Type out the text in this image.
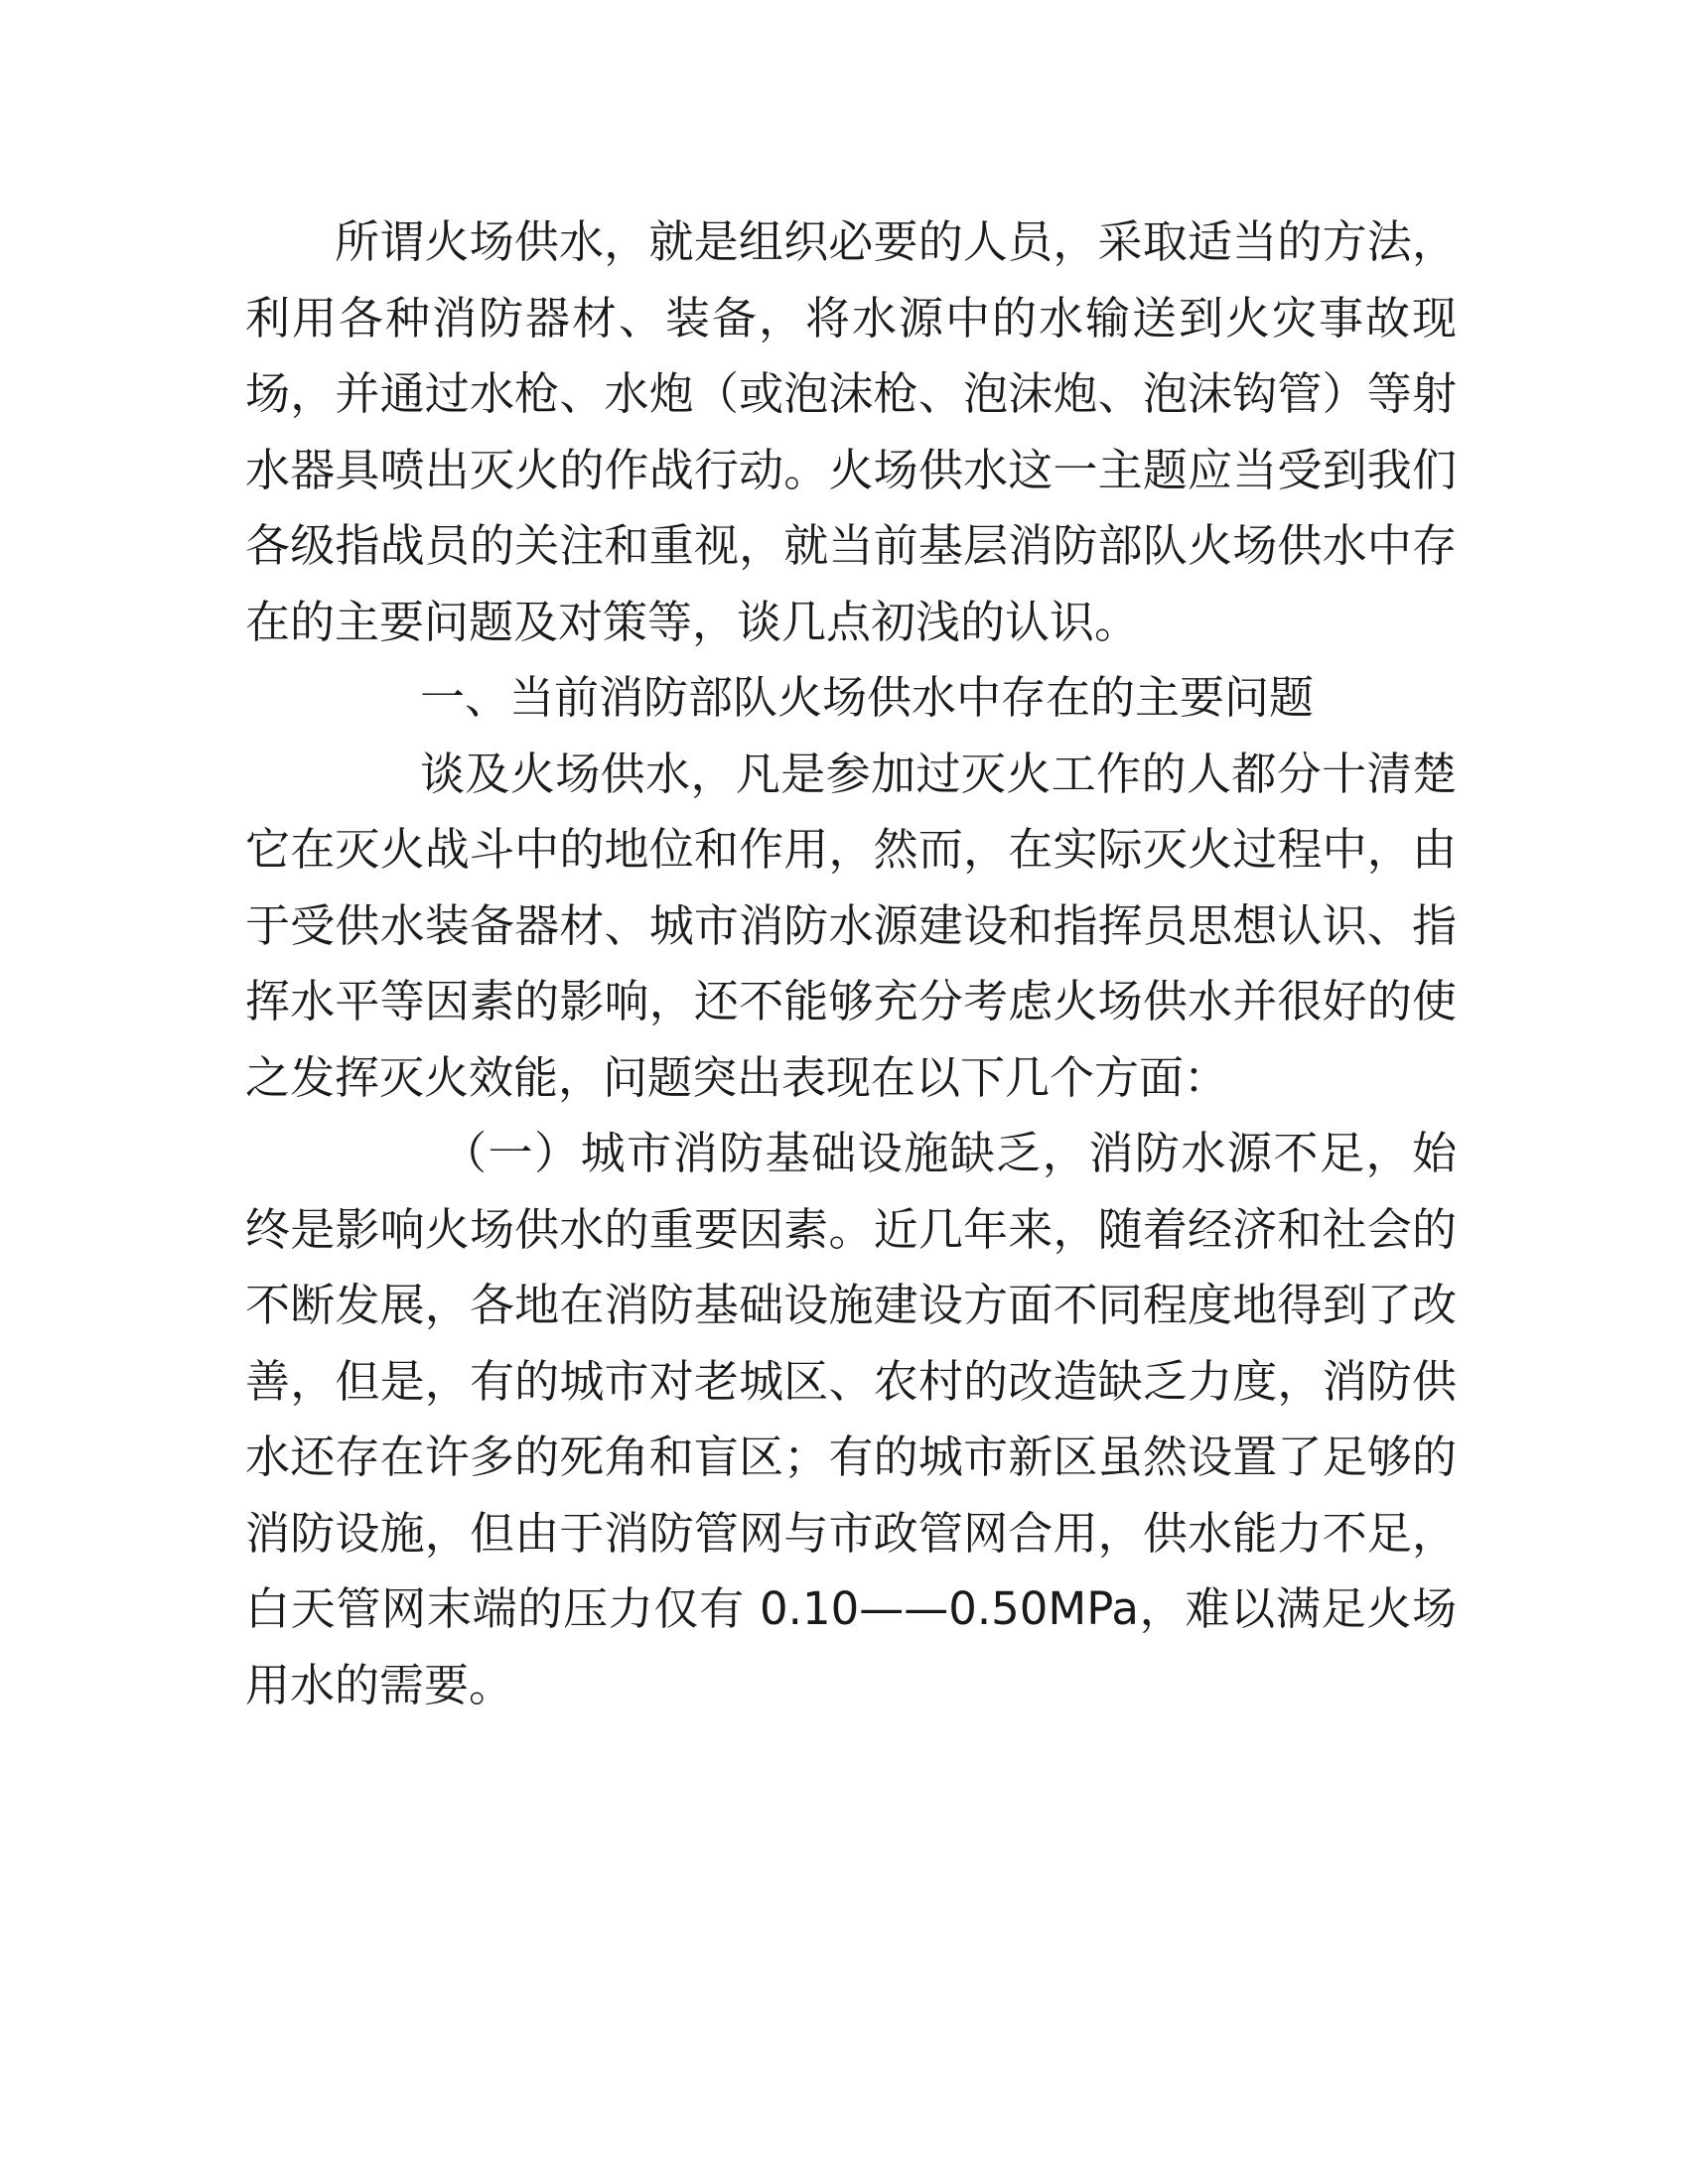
所谓火场供水，就是组织必要的人员，采取适当的方法，利用各种消防器材、装备，将水源中的水输送到火灾事故现场，并通过水枪、水炮（或泡沫枪、泡沫炮、泡沫钩管）等射水器具喷出灭火的作战行动。火场供水这一主题应当受到我们各级指战员的关注和重视，就当前基层消防部队火场供水中存在的主要问题及对策等，谈几点初浅的认识。

一、当前消防部队火场供水中存在的主要问题

谈及火场供水，凡是参加过灭火工作的人都分十清楚它在灭火战斗中的地位和作用，然而，在实际灭火过程中，由于受供水装备器材、城市消防水源建设和指挥员思想认识、指挥水平等因素的影响，还不能够充分考虑火场供水并很好的使之发挥灭火效能，问题突出表现在以下几个方面：

（一）城市消防基础设施缺乏，消防水源不足，始终是影响火场供水的重要因素。近几年来，随着经济和社会的不断发展，各地在消防基础设施建设方面不同程度地得到了改善，但是，有的城市对老城区、农村的改造缺乏力度，消防供水还存在许多的死角和盲区；有的城市新区虽然设置了足够的消防设施，但由于消防管网与市政管网合用，供水能力不足，白天管网末端的压力仅有 0.10——0.50MPa，难以满足火场用水的需要。
